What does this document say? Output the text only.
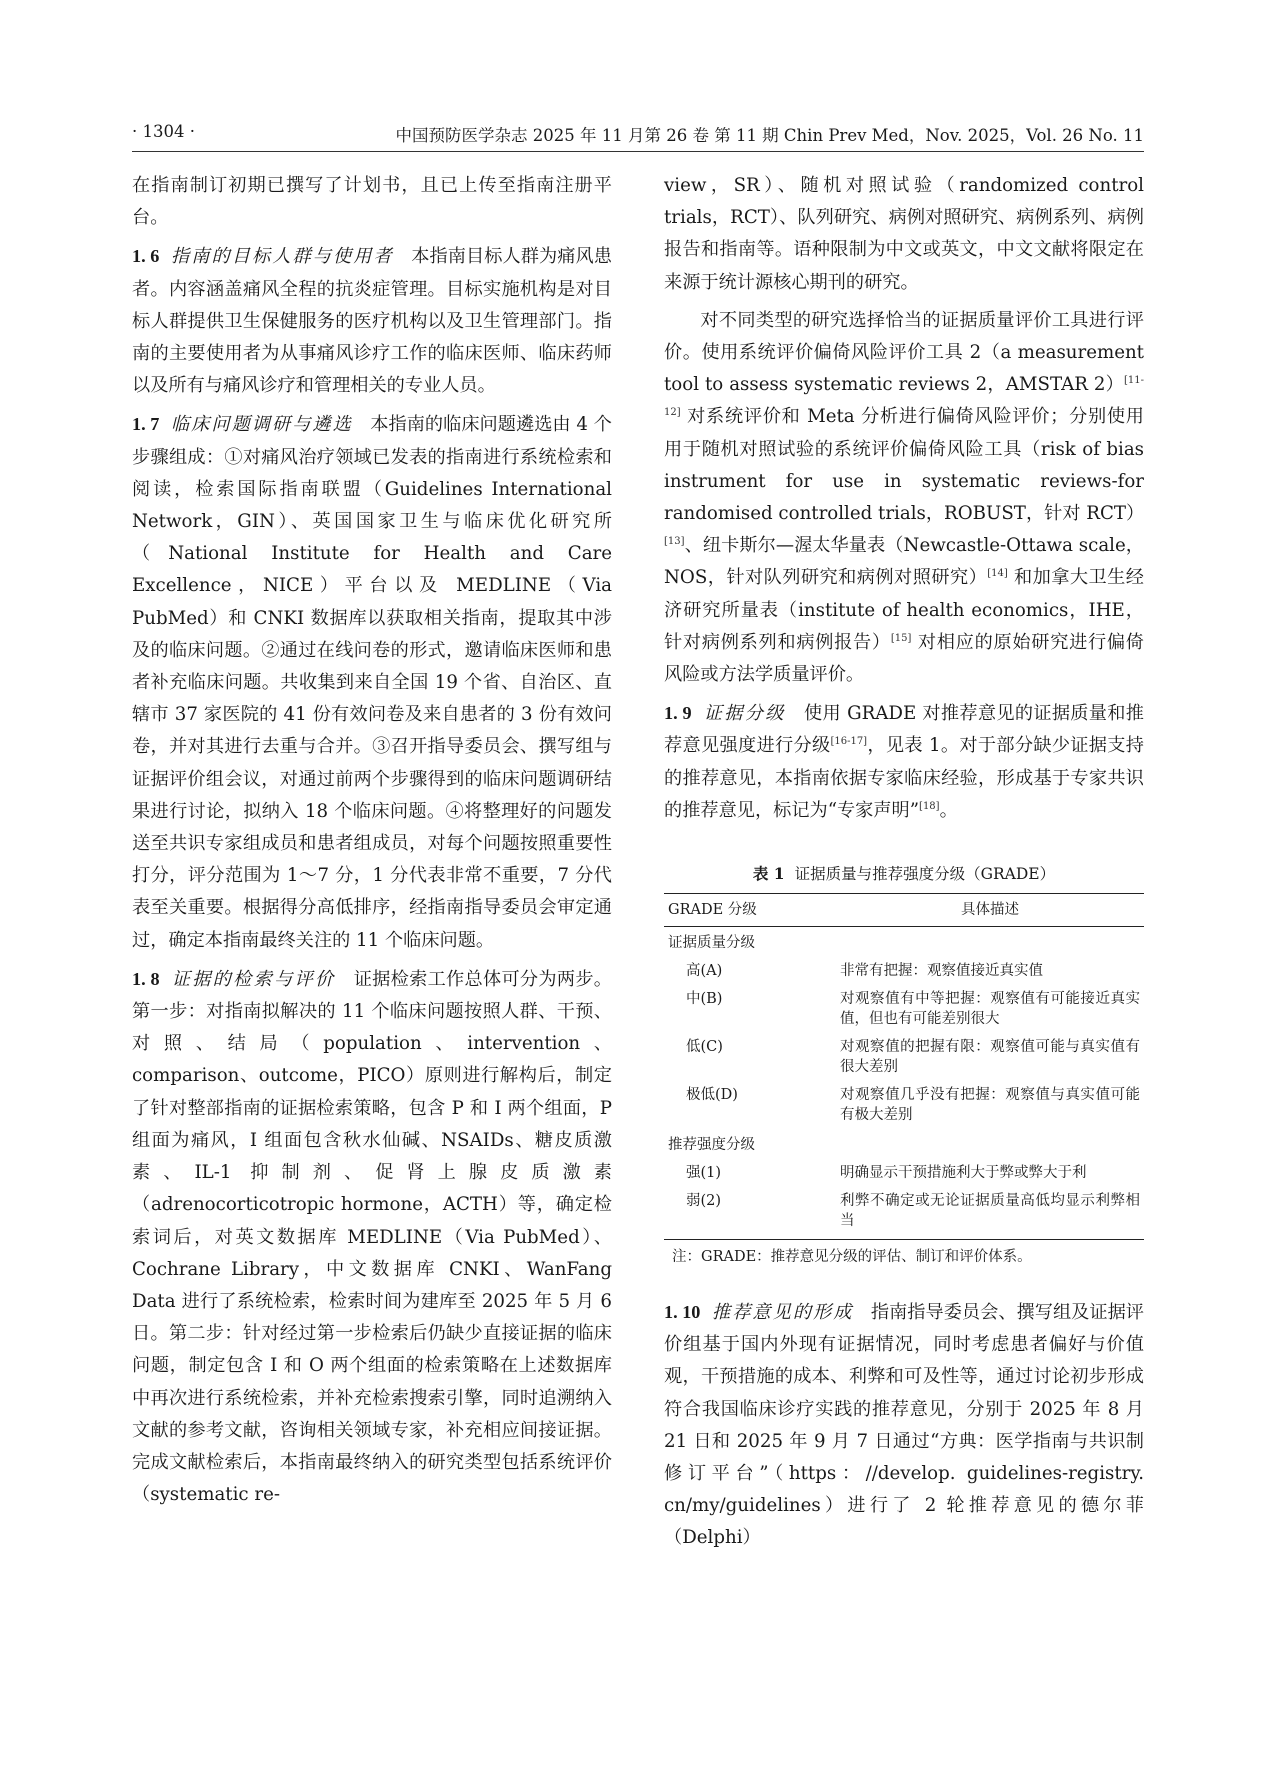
· 1304 ·	中国预防医学杂志 2025 年 11 月第 26 卷 第 11 期 Chin Prev Med，Nov. 2025，Vol. 26 No. 11

在指南制订初期已撰写了计划书，且已上传至指南注册平台。

1. 6 指南的目标人群与使用者 本指南目标人群为痛风患者。内容涵盖痛风全程的抗炎症管理。目标实施机构是对目标人群提供卫生保健服务的医疗机构以及卫生管理部门。指南的主要使用者为从事痛风诊疗工作的临床医师、临床药师以及所有与痛风诊疗和管理相关的专业人员。

1. 7 临床问题调研与遴选 本指南的临床问题遴选由 4 个步骤组成：①对痛风治疗领域已发表的指南进行系统检索和阅读，检索国际指南联盟（Guidelines International Network，GIN）、英国国家卫生与临床优化研究所（National Institute for Health and Care Excellence，NICE）平台以及 MEDLINE（Via PubMed）和 CNKI 数据库以获取相关指南，提取其中涉及的临床问题。②通过在线问卷的形式，邀请临床医师和患者补充临床问题。共收集到来自全国 19 个省、自治区、直辖市 37 家医院的 41 份有效问卷及来自患者的 3 份有效问卷，并对其进行去重与合并。③召开指导委员会、撰写组与证据评价组会议，对通过前两个步骤得到的临床问题调研结果进行讨论，拟纳入 18 个临床问题。④将整理好的问题发送至共识专家组成员和患者组成员，对每个问题按照重要性打分，评分范围为 1～7 分，1 分代表非常不重要，7 分代表至关重要。根据得分高低排序，经指南指导委员会审定通过，确定本指南最终关注的 11 个临床问题。

1. 8 证据的检索与评价 证据检索工作总体可分为两步。第一步：对指南拟解决的 11 个临床问题按照人群、干预、对照、结局（population、intervention、comparison、outcome，PICO）原则进行解构后，制定了针对整部指南的证据检索策略，包含 P 和 I 两个组面，P 组面为痛风，I 组面包含秋水仙碱、NSAIDs、糖皮质激素、IL-1 抑制剂、促肾上腺皮质激素（adrenocorticotropic hormone，ACTH）等，确定检索词后，对英文数据库 MEDLINE（Via PubMed）、Cochrane Library，中文数据库 CNKI、WanFang Data 进行了系统检索，检索时间为建库至 2025 年 5 月 6 日。第二步：针对经过第一步检索后仍缺少直接证据的临床问题，制定包含 I 和 O 两个组面的检索策略在上述数据库中再次进行系统检索，并补充检索搜索引擎，同时追溯纳入文献的参考文献，咨询相关领域专家，补充相应间接证据。完成文献检索后，本指南最终纳入的研究类型包括系统评价（systematic re-

view，SR）、随机对照试验（randomized control trials，RCT）、队列研究、病例对照研究、病例系列、病例报告和指南等。语种限制为中文或英文，中文文献将限定在来源于统计源核心期刊的研究。

对不同类型的研究选择恰当的证据质量评价工具进行评价。使用系统评价偏倚风险评价工具 2（a measurement tool to assess systematic reviews 2，AMSTAR 2）[11-12] 对系统评价和 Meta 分析进行偏倚风险评价；分别使用用于随机对照试验的系统评价偏倚风险工具（risk of bias instrument for use in systematic reviews-for randomised controlled trials，ROBUST，针对 RCT）[13]、纽卡斯尔—渥太华量表（Newcastle-Ottawa scale，NOS，针对队列研究和病例对照研究）[14] 和加拿大卫生经济研究所量表（institute of health economics，IHE，针对病例系列和病例报告）[15] 对相应的原始研究进行偏倚风险或方法学质量评价。

1. 9 证据分级 使用 GRADE 对推荐意见的证据质量和推荐意见强度进行分级[16-17]，见表 1。对于部分缺少证据支持的推荐意见，本指南依据专家临床经验，形成基于专家共识的推荐意见，标记为“专家声明”[18]。

表 1 证据质量与推荐强度分级（GRADE）
GRADE 分级	具体描述
证据质量分级	
高(A)	非常有把握：观察值接近真实值
中(B)	对观察值有中等把握：观察值有可能接近真实值，但也有可能差别很大
低(C)	对观察值的把握有限：观察值可能与真实值有很大差别
极低(D)	对观察值几乎没有把握：观察值与真实值可能有极大差别
推荐强度分级	
强(1)	明确显示干预措施利大于弊或弊大于利
弱(2)	利弊不确定或无论证据质量高低均显示利弊相当
注：GRADE：推荐意见分级的评估、制订和评价体系。

1. 10 推荐意见的形成 指南指导委员会、撰写组及证据评价组基于国内外现有证据情况，同时考虑患者偏好与价值观，干预措施的成本、利弊和可及性等，通过讨论初步形成符合我国临床诊疗实践的推荐意见，分别于 2025 年 8 月 21 日和 2025 年 9 月 7 日通过“方典：医学指南与共识制修订平台”（https：//develop. guidelines-registry. cn/my/guidelines）进行了 2 轮推荐意见的德尔菲（Delphi）
